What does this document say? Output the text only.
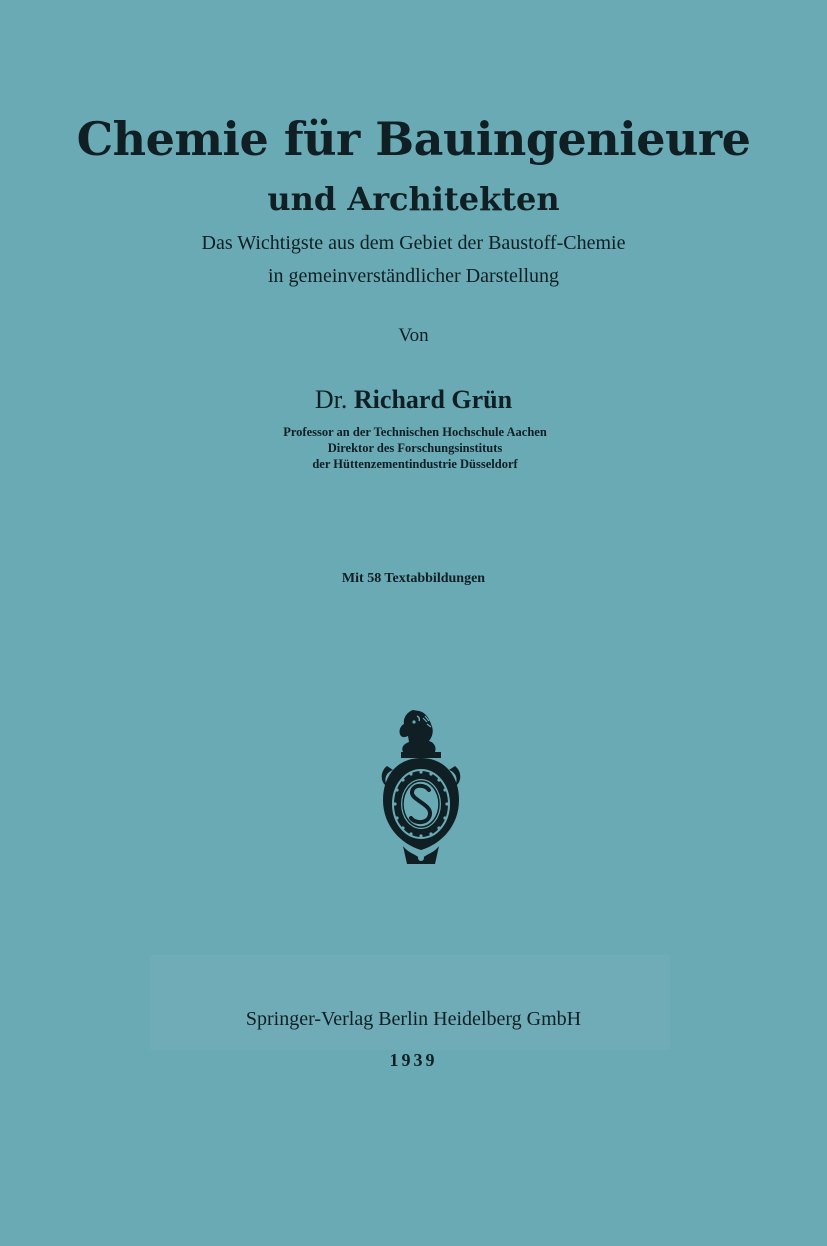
Chemie für Bauingenieure
und Architekten
Das Wichtigste aus dem Gebiet der Baustoff-Chemie
in gemeinverständlicher Darstellung
Von
Dr. Richard Grün
Professor an der Technischen Hochschule Aachen
Direktor des Forschungsinstituts
der Hüttenzementindustrie Düsseldorf
Mit 58 Textabbildungen
Springer-Verlag Berlin Heidelberg GmbH
1939
